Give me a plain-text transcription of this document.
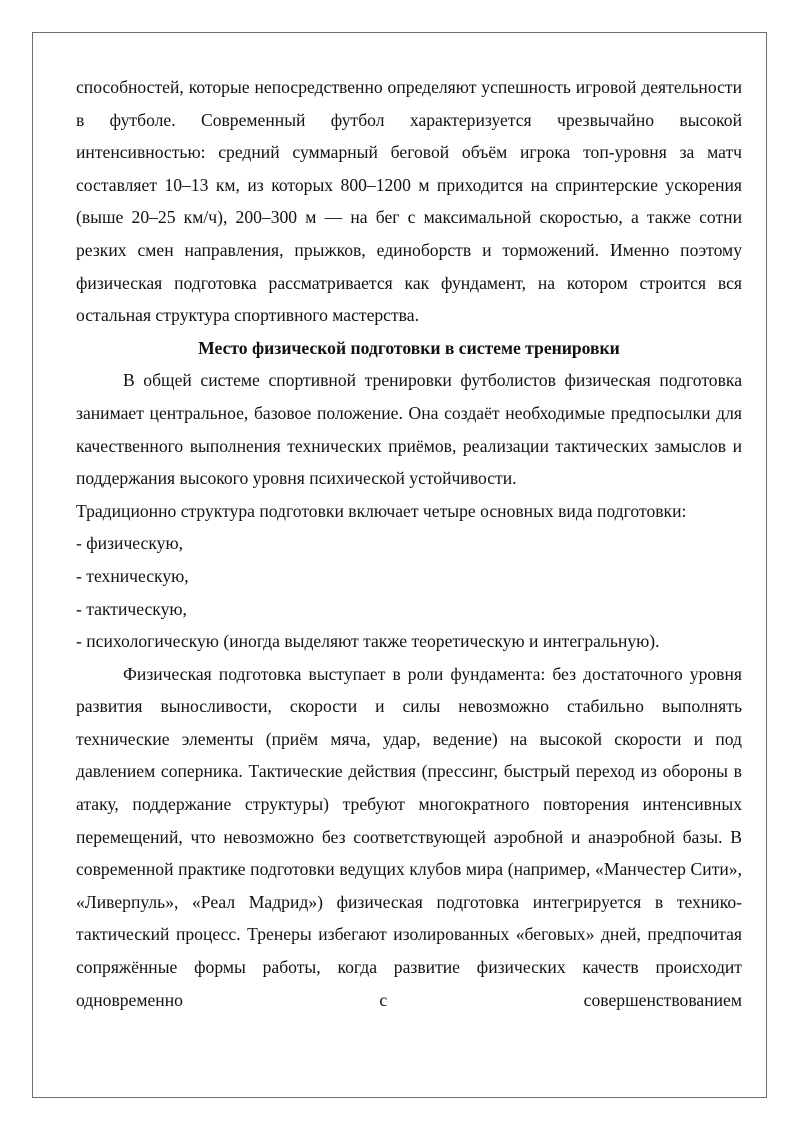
способностей, которые непосредственно определяют успешность игровой деятельности в футболе. Современный футбол характеризуется чрезвычайно высокой интенсивностью: средний суммарный беговой объём игрока топ-уровня за матч составляет 10–13 км, из которых 800–1200 м приходится на спринтерские ускорения (выше 20–25 км/ч), 200–300 м — на бег с максимальной скоростью, а также сотни резких смен направления, прыжков, единоборств и торможений. Именно поэтому физическая подготовка рассматривается как фундамент, на котором строится вся остальная структура спортивного мастерства.

Место физической подготовки в системе тренировки

В общей системе спортивной тренировки футболистов физическая подготовка занимает центральное, базовое положение. Она создаёт необходимые предпосылки для качественного выполнения технических приёмов, реализации тактических замыслов и поддержания высокого уровня психической устойчивости.

Традиционно структура подготовки включает четыре основных вида подготовки:

- физическую,

- техническую,

- тактическую,

- психологическую (иногда выделяют также теоретическую и интегральную).

Физическая подготовка выступает в роли фундамента: без достаточного уровня развития выносливости, скорости и силы невозможно стабильно выполнять технические элементы (приём мяча, удар, ведение) на высокой скорости и под давлением соперника. Тактические действия (прессинг, быстрый переход из обороны в атаку, поддержание структуры) требуют многократного повторения интенсивных перемещений, что невозможно без соответствующей аэробной и анаэробной базы. В современной практике подготовки ведущих клубов мира (например, «Манчестер Сити», «Ливерпуль», «Реал Мадрид») физическая подготовка интегрируется в технико-тактический процесс. Тренеры избегают изолированных «беговых» дней, предпочитая сопряжённые формы работы, когда развитие физических качеств происходит одновременно с совершенствованием
